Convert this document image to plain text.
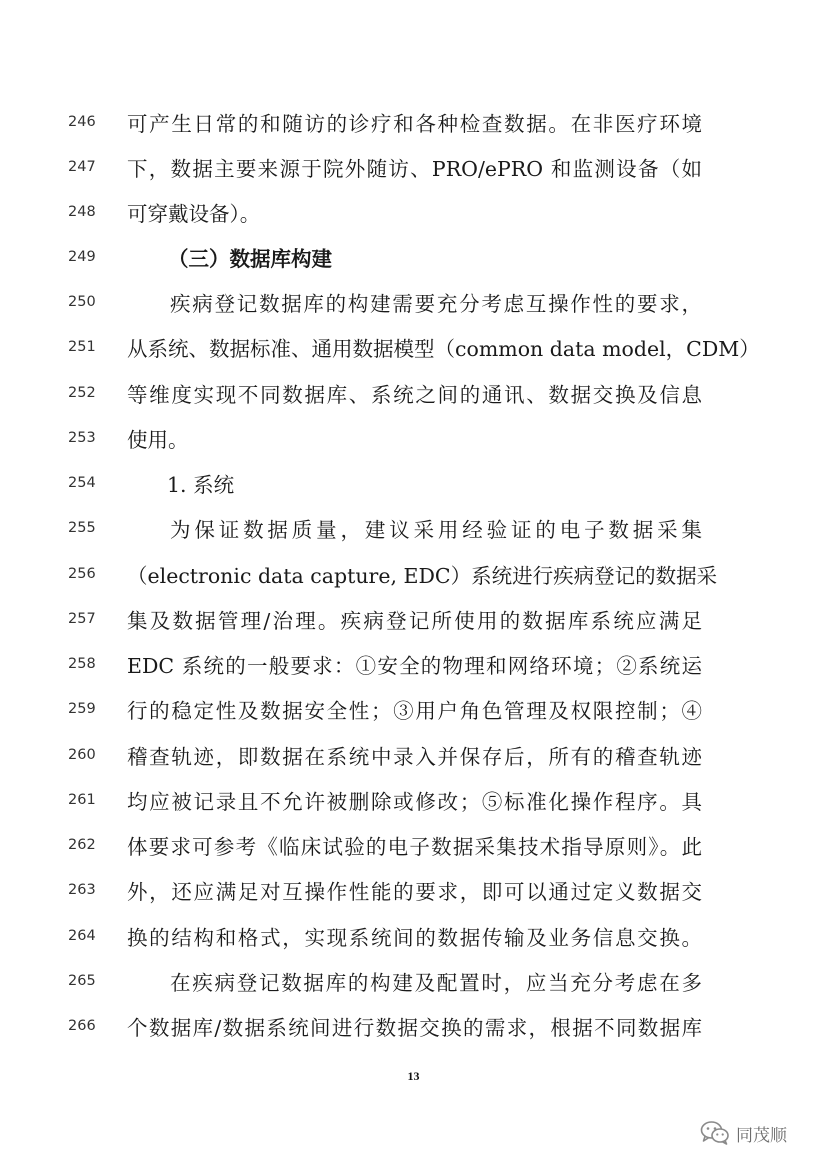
246	可产生日常的和随访的诊疗和各种检查数据。在非医疗环境
247	下，数据主要来源于院外随访、PRO/ePRO 和监测设备（如
248	可穿戴设备）。
249	（三）数据库构建
250	疾病登记数据库的构建需要充分考虑互操作性的要求，
251	从系统、数据标准、通用数据模型（common data model，CDM）
252	等维度实现不同数据库、系统之间的通讯、数据交换及信息
253	使用。
254	1. 系统
255	为保证数据质量，建议采用经验证的电子数据采集
256	（electronic data capture, EDC）系统进行疾病登记的数据采
257	集及数据管理/治理。疾病登记所使用的数据库系统应满足
258	EDC 系统的一般要求：①安全的物理和网络环境；②系统运
259	行的稳定性及数据安全性；③用户角色管理及权限控制；④
260	稽查轨迹，即数据在系统中录入并保存后，所有的稽查轨迹
261	均应被记录且不允许被删除或修改；⑤标准化操作程序。具
262	体要求可参考《临床试验的电子数据采集技术指导原则》。此
263	外，还应满足对互操作性能的要求，即可以通过定义数据交
264	换的结构和格式，实现系统间的数据传输及业务信息交换。
265	在疾病登记数据库的构建及配置时，应当充分考虑在多
266	个数据库/数据系统间进行数据交换的需求，根据不同数据库
13
同茂顺
